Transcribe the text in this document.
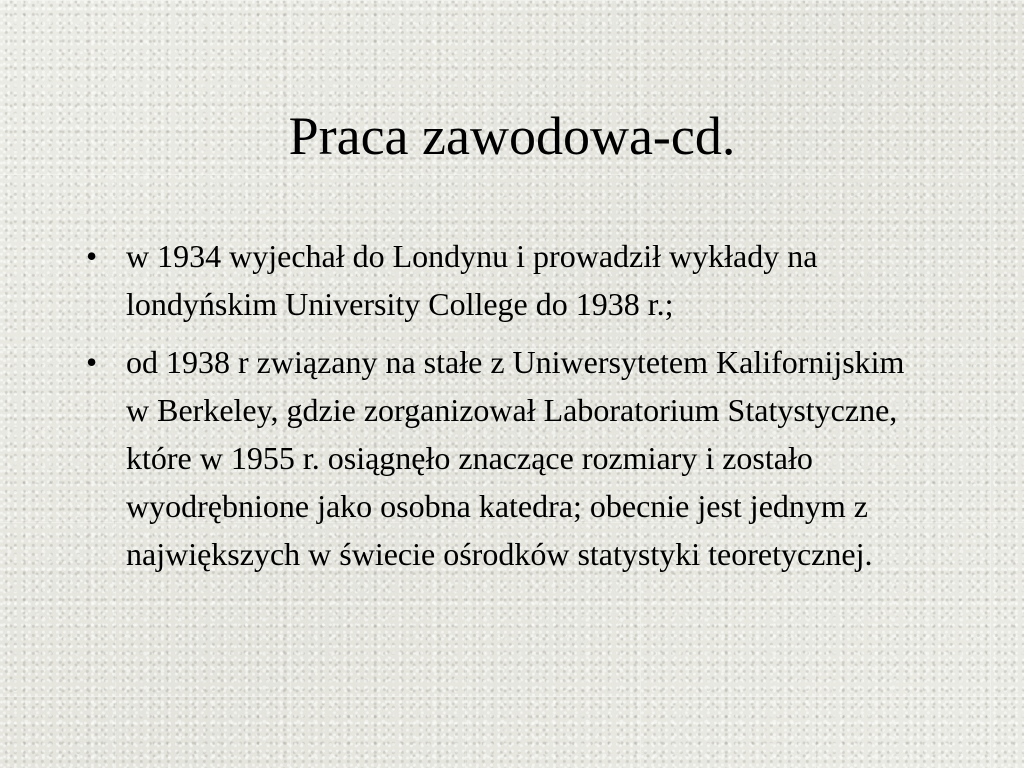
Praca zawodowa-cd.
• w 1934 wyjechał do Londynu i prowadził wykłady na londyńskim University College do 1938 r.;
• od 1938 r związany na stałe z Uniwersytetem Kalifornijskim w Berkeley, gdzie zorganizował Laboratorium Statystyczne, które w 1955 r. osiągnęło znaczące rozmiary i zostało wyodrębnione jako osobna katedra; obecnie jest jednym z największych w świecie ośrodków statystyki teoretycznej.
